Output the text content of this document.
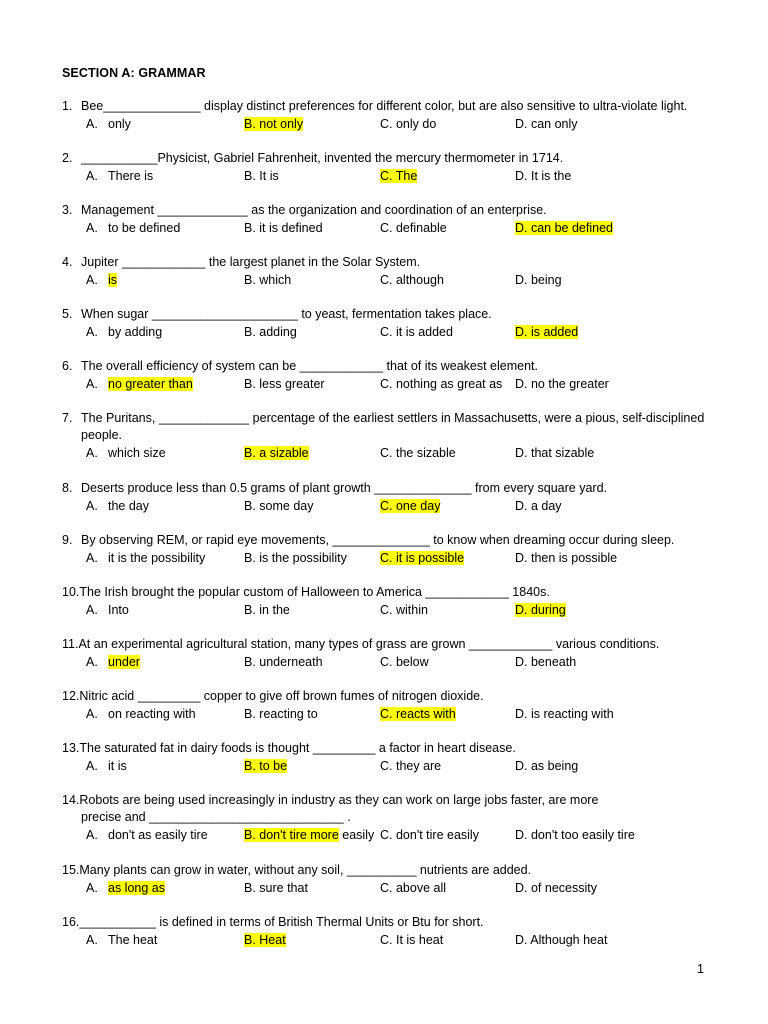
SECTION A: GRAMMAR
1. Bee______________ display distinct preferences for different color, but are also sensitive to ultra-violate light.
A. only	B. not only	C. only do	D. can only
2. ___________Physicist, Gabriel Fahrenheit, invented the mercury thermometer in 1714.
A. There is	B. It is	C. The	D. It is the
3. Management _____________ as the organization and coordination of an enterprise.
A. to be defined	B. it is defined	C. definable	D. can be defined
4. Jupiter ____________ the largest planet in the Solar System.
A. is	B. which	C. although	D. being
5. When sugar _____________________ to yeast, fermentation takes place.
A. by adding	B. adding	C. it is added	D. is added
6. The overall efficiency of system can be ____________ that of its weakest element.
A. no greater than	B. less greater	C. nothing as great as D. no the greater
7. The Puritans, _____________ percentage of the earliest settlers in Massachusetts, were a pious, self-disciplined
people.
A. which size	B. a sizable	C. the sizable	D. that sizable
8. Deserts produce less than 0.5 grams of plant growth ______________ from every square yard.
A. the day	B. some day	C. one day	D. a day
9. By observing REM, or rapid eye movements, ______________ to know when dreaming occur during sleep.
A. it is the possibility	B. is the possibility	C. it is possible	D. then is possible
10. The Irish brought the popular custom of Halloween to America ____________ 1840s.
A. Into	B. in the	C. within	D. during
11. At an experimental agricultural station, many types of grass are grown ____________ various conditions.
A. under	B. underneath	C. below	D. beneath
12. Nitric acid _________ copper to give off brown fumes of nitrogen dioxide.
A. on reacting with	B. reacting to	C. reacts with	D. is reacting with
13. The saturated fat in dairy foods is thought _________ a factor in heart disease.
A. it is	B. to be	C. they are	D. as being
14. Robots are being used increasingly in industry as they can work on large jobs faster, are more
precise and ____________________________ .
A. don't as easily tire	B. don't tire more easily C. don't tire easily	D. don't too easily tire
15. Many plants can grow in water, without any soil, __________ nutrients are added.
A. as long as	B. sure that	C. above all	D. of necessity
16. ___________ is defined in terms of British Thermal Units or Btu for short.
A. The heat	B. Heat	C. It is heat	D. Although heat
1
